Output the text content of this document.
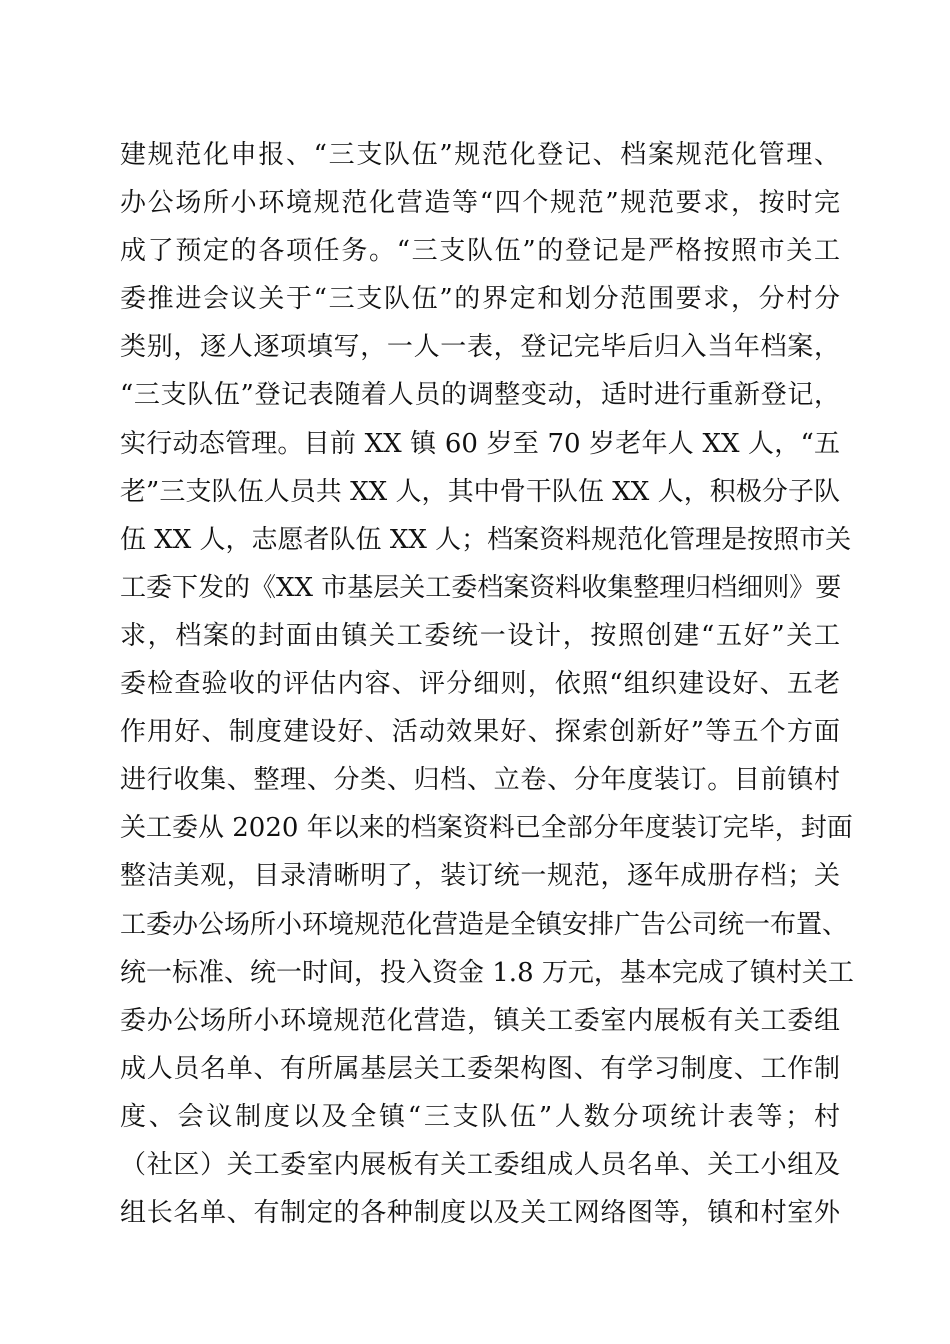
建规范化申报、“三支队伍”规范化登记、档案规范化管理、
办公场所小环境规范化营造等“四个规范”规范要求，按时完
成了预定的各项任务。“三支队伍”的登记是严格按照市关工
委推进会议关于“三支队伍”的界定和划分范围要求，分村分
类别，逐人逐项填写，一人一表，登记完毕后归入当年档案，
“三支队伍”登记表随着人员的调整变动，适时进行重新登记，
实行动态管理。目前 XX 镇 60 岁至 70 岁老年人 XX 人，“五
老”三支队伍人员共 XX 人，其中骨干队伍 XX 人，积极分子队
伍 XX 人，志愿者队伍 XX 人；档案资料规范化管理是按照市关
工委下发的《XX 市基层关工委档案资料收集整理归档细则》要
求，档案的封面由镇关工委统一设计，按照创建“五好”关工
委检查验收的评估内容、评分细则，依照“组织建设好、五老
作用好、制度建设好、活动效果好、探索创新好”等五个方面
进行收集、整理、分类、归档、立卷、分年度装订。目前镇村
关工委从 2020 年以来的档案资料已全部分年度装订完毕，封面
整洁美观，目录清晰明了，装订统一规范，逐年成册存档；关
工委办公场所小环境规范化营造是全镇安排广告公司统一布置、
统一标准、统一时间，投入资金 1.8 万元，基本完成了镇村关工
委办公场所小环境规范化营造，镇关工委室内展板有关工委组
成人员名单、有所属基层关工委架构图、有学习制度、工作制
度、会议制度以及全镇“三支队伍”人数分项统计表等；村
（社区）关工委室内展板有关工委组成人员名单、关工小组及
组长名单、有制定的各种制度以及关工网络图等，镇和村室外
